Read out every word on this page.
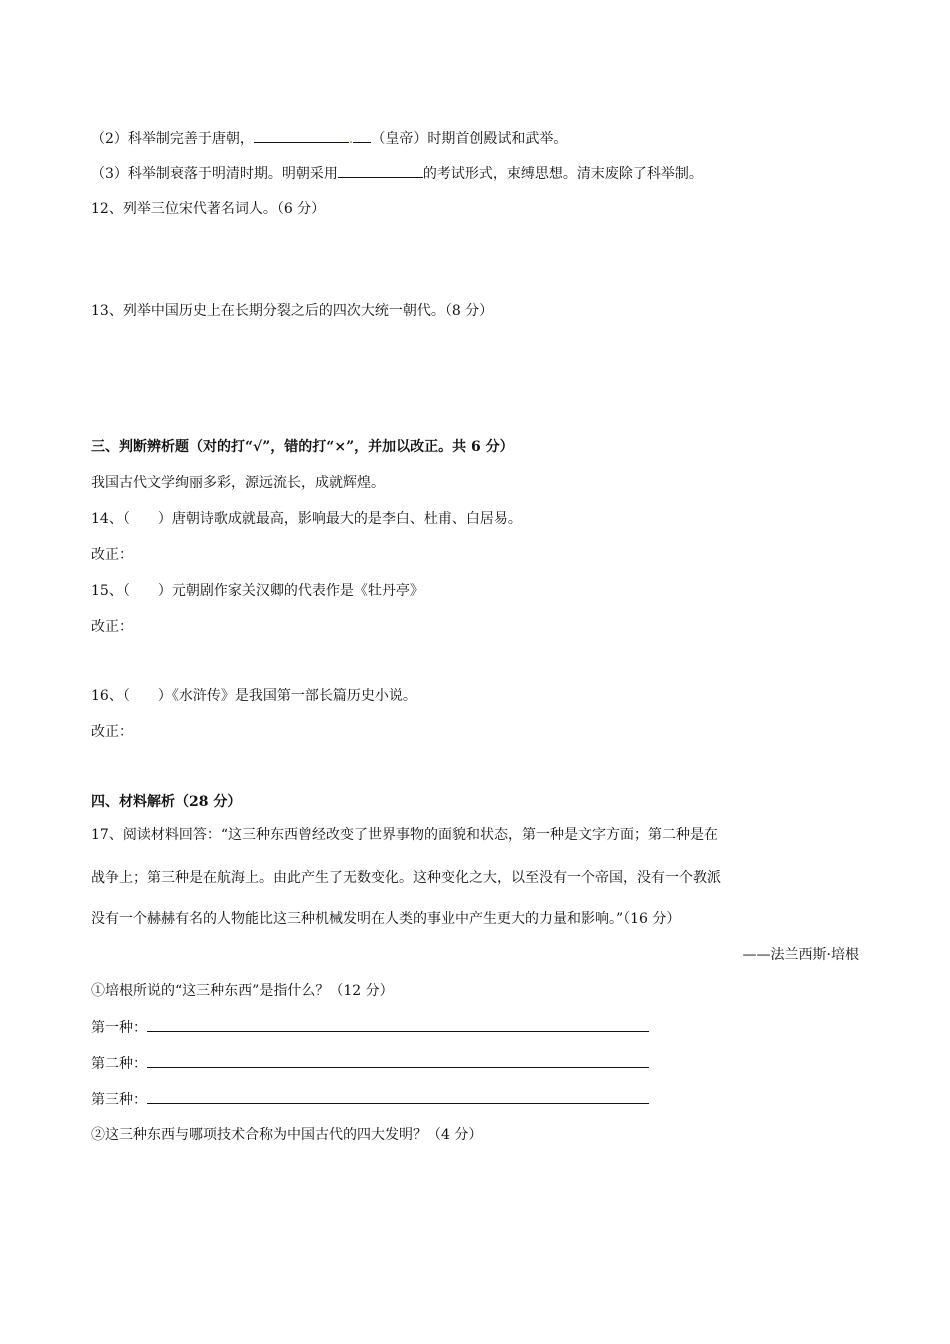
（2）科举制完善于唐朝，	. （皇帝）时期首创殿试和武举。
（3）科举制衰落于明清时期。明朝采用	的考试形式，束缚思想。清末废除了科举制。
12、列举三位宋代著名词人。（6 分）
13、列举中国历史上在长期分裂之后的四次大统一朝代。（8 分）
三、判断辨析题（对的打“√”，错的打“×”，并加以改正。共 6 分）
我国古代文学绚丽多彩，源远流长，成就辉煌。
14、（　　）唐朝诗歌成就最高，影响最大的是李白、杜甫、白居易。
改正：
15、（　　）元朝剧作家关汉卿的代表作是《牡丹亭》
改正：
16、（　　）《水浒传》是我国第一部长篇历史小说。
改正：
四、材料解析（28 分）
17、阅读材料回答：“这三种东西曾经改变了世界事物的面貌和状态，第一种是文字方面；第二种是在
战争上；第三种是在航海上。由此产生了无数变化。这种变化之大，以至没有一个帝国，没有一个教派
没有一个赫赫有名的人物能比这三种机械发明在人类的事业中产生更大的力量和影响。”（16 分）
——法兰西斯·培根
①培根所说的“这三种东西”是指什么？（12 分）
第一种：
第二种：
第三种：
②这三种东西与哪项技术合称为中国古代的四大发明？（4 分）
